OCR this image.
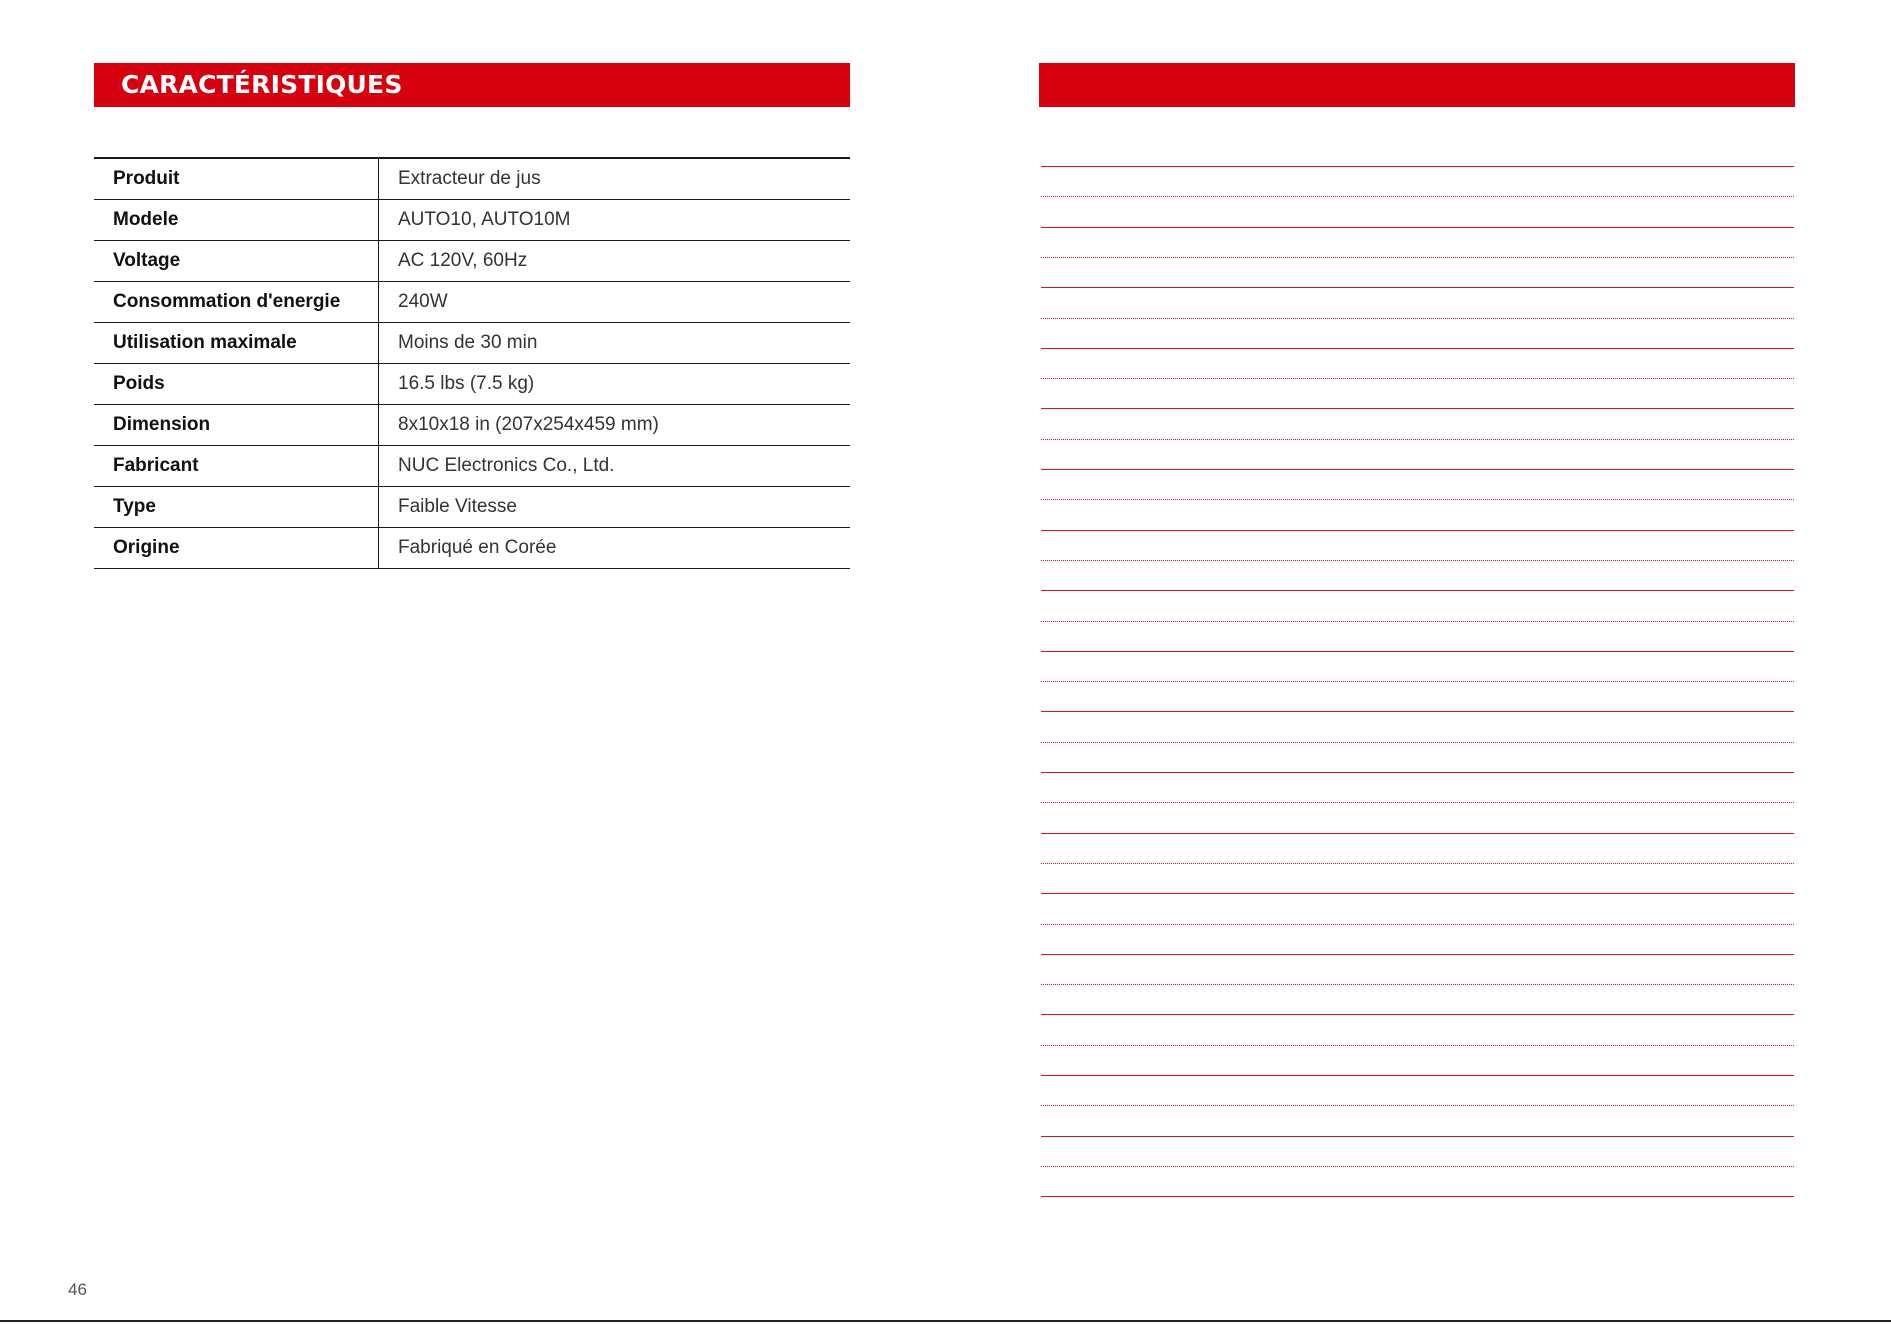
CARACTÉRISTIQUES
Produit	Extracteur de jus
Modele	AUTO10, AUTO10M
Voltage	AC 120V, 60Hz
Consommation d'energie	240W
Utilisation maximale	Moins de 30 min
Poids	16.5 lbs (7.5 kg)
Dimension	8x10x18 in (207x254x459 mm)
Fabricant	NUC Electronics Co., Ltd.
Type	Faible Vitesse
Origine	Fabriqué en Corée
46
